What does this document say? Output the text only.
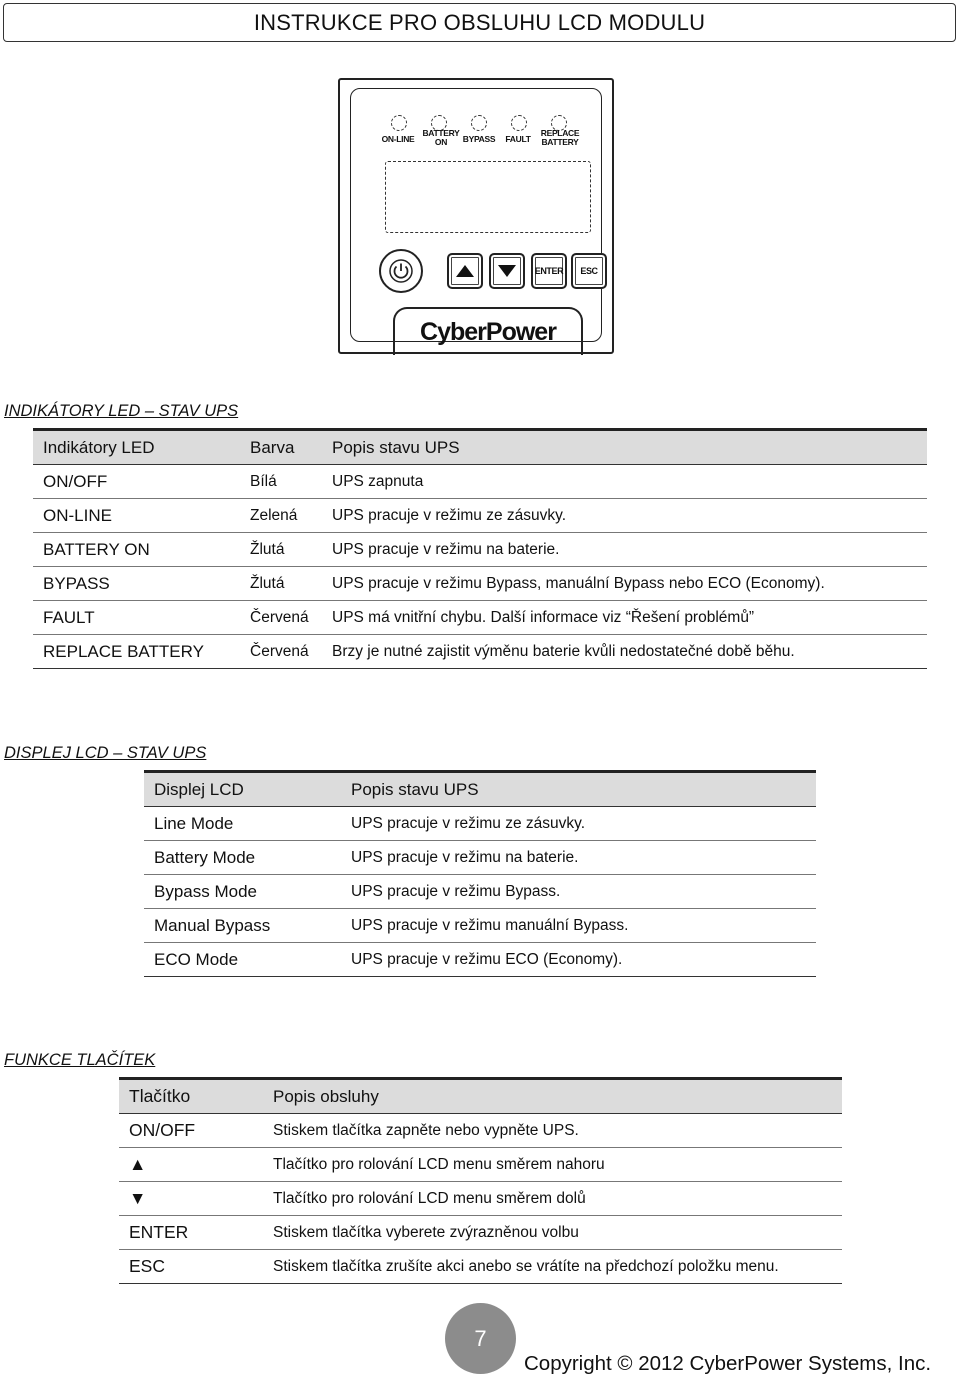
INSTRUKCE PRO OBSLUHU LCD MODULU
ON-LINE
BATTERY ON	BYPASS	FAULT
REPLACE BATTERY
ENTER ESC
CyberPower
INDIKÁTORY LED – STAV UPS
Indikátory LED	Barva	Popis stavu UPS
ON/OFF	Bílá	UPS zapnuta
ON-LINE	Zelená	UPS pracuje v režimu ze zásuvky.
BATTERY ON	Žlutá	UPS pracuje v režimu na baterie.
BYPASS	Žlutá	UPS pracuje v režimu Bypass, manuální Bypass nebo ECO (Economy).
FAULT	Červená	UPS má vnitřní chybu. Další informace viz “Řešení problémů”
REPLACE BATTERY	Červená	Brzy je nutné zajistit výměnu baterie kvůli nedostatečné době běhu.
DISPLEJ LCD – STAV UPS
Displej LCD	Popis stavu UPS
Line Mode	UPS pracuje v režimu ze zásuvky.
Battery Mode	UPS pracuje v režimu na baterie.
Bypass Mode	UPS pracuje v režimu Bypass.
Manual Bypass	UPS pracuje v režimu manuální Bypass.
ECO Mode	UPS pracuje v režimu ECO (Economy).
FUNKCE TLAČÍTEK
Tlačítko	Popis obsluhy
ON/OFF	Stiskem tlačítka zapněte nebo vypněte UPS.
▲	Tlačítko pro rolování LCD menu směrem nahoru
▼	Tlačítko pro rolování LCD menu směrem dolů
ENTER	Stiskem tlačítka vyberete zvýrazněnou volbu
ESC	Stiskem tlačítka zrušíte akci anebo se vrátíte na předchozí položku menu.
7
Copyright © 2012 CyberPower Systems, Inc.
